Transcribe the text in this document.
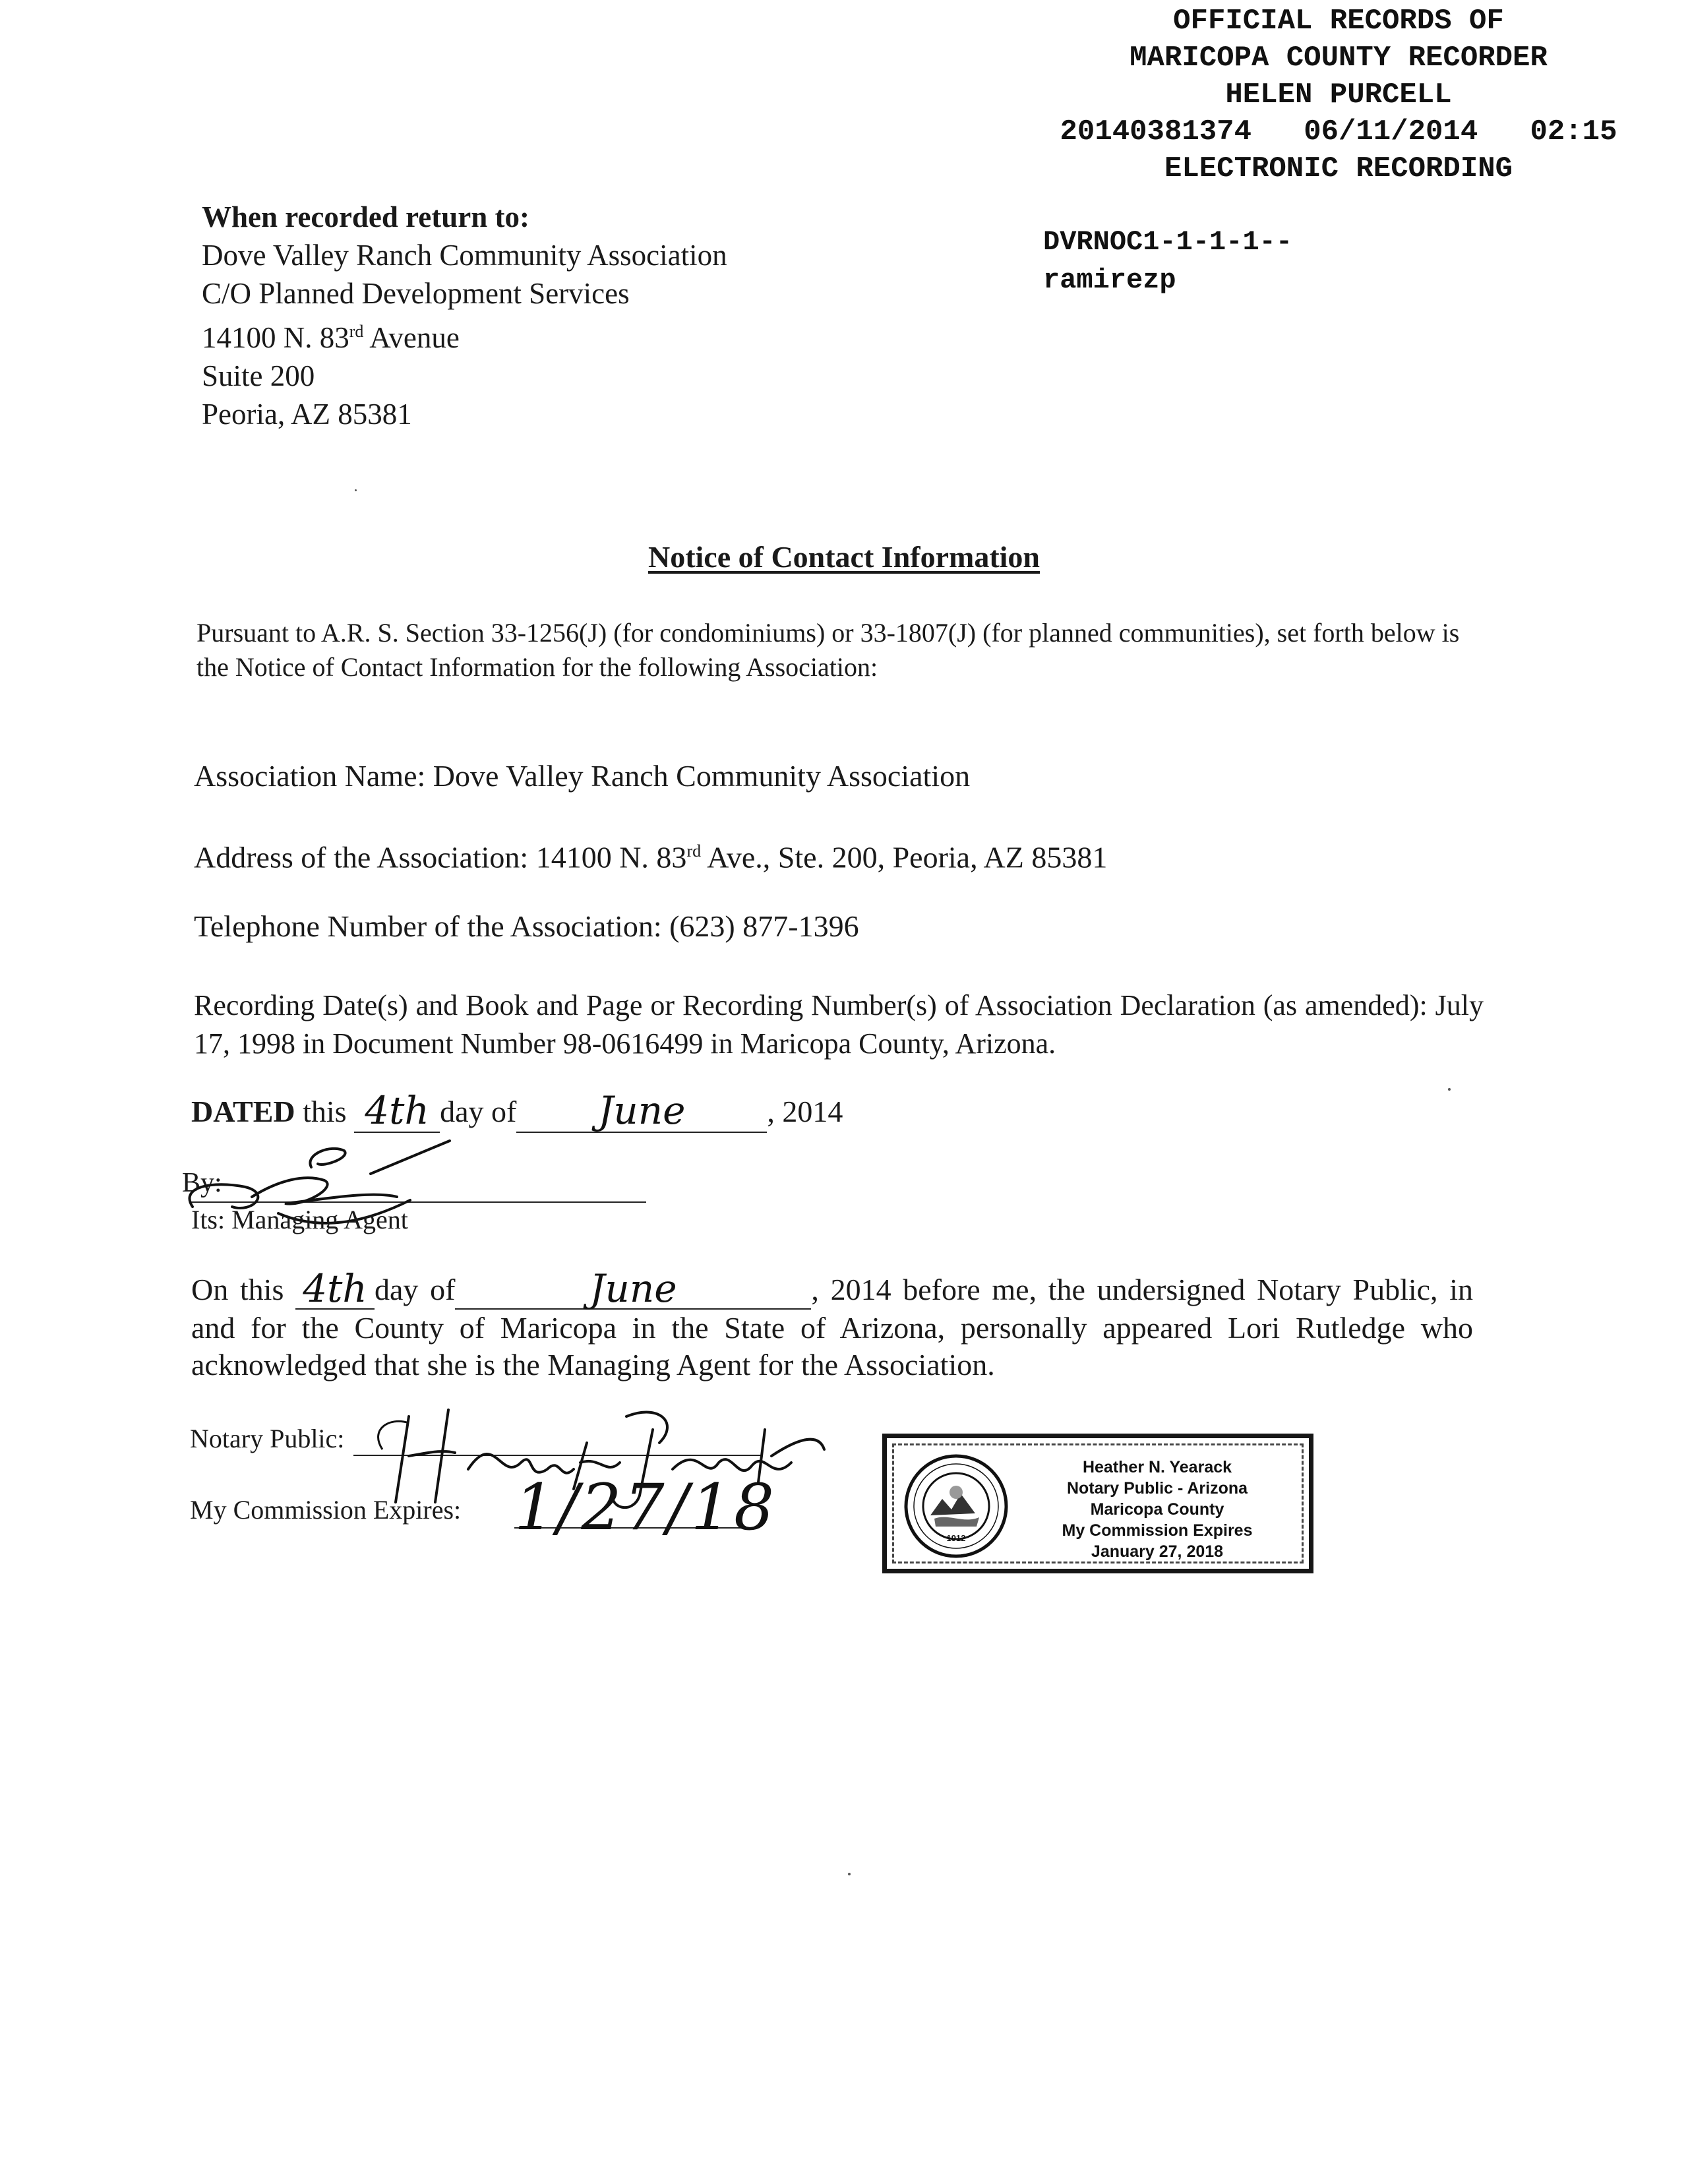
OFFICIAL RECORDS OF
MARICOPA COUNTY RECORDER
HELEN PURCELL
20140381374   06/11/2014   02:15
ELECTRONIC RECORDING
DVRNOC1-1-1-1--
ramirezp
When recorded return to:
Dove Valley Ranch Community Association
C/O Planned Development Services
14100 N. 83rd Avenue
Suite 200
Peoria, AZ 85381
Notice of Contact Information
Pursuant to A.R. S. Section 33-1256(J) (for condominiums) or 33-1807(J) (for planned communities), set forth below is the Notice of Contact Information for the following Association:
Association Name: Dove Valley Ranch Community Association
Address of the Association: 14100 N. 83rd Ave., Ste. 200, Peoria, AZ 85381
Telephone Number of the Association: (623) 877-1396
Recording Date(s) and Book and Page or Recording Number(s) of Association Declaration (as amended): July 17, 1998 in Document Number 98-0616499 in Maricopa County, Arizona.
DATED this 4th day of	June	, 2014
By:
Its: Managing Agent
On this 4th day of	June	, 2014 before me, the undersigned Notary Public, in and for the County of Maricopa in the State of Arizona, personally appeared Lori Rutledge who acknowledged that she is the Managing Agent for the Association.
Notary Public:
My Commission Expires: 1/27/18	1912
Heather N. Yearack
Notary Public - Arizona
Maricopa County
My Commission Expires
January 27, 2018
